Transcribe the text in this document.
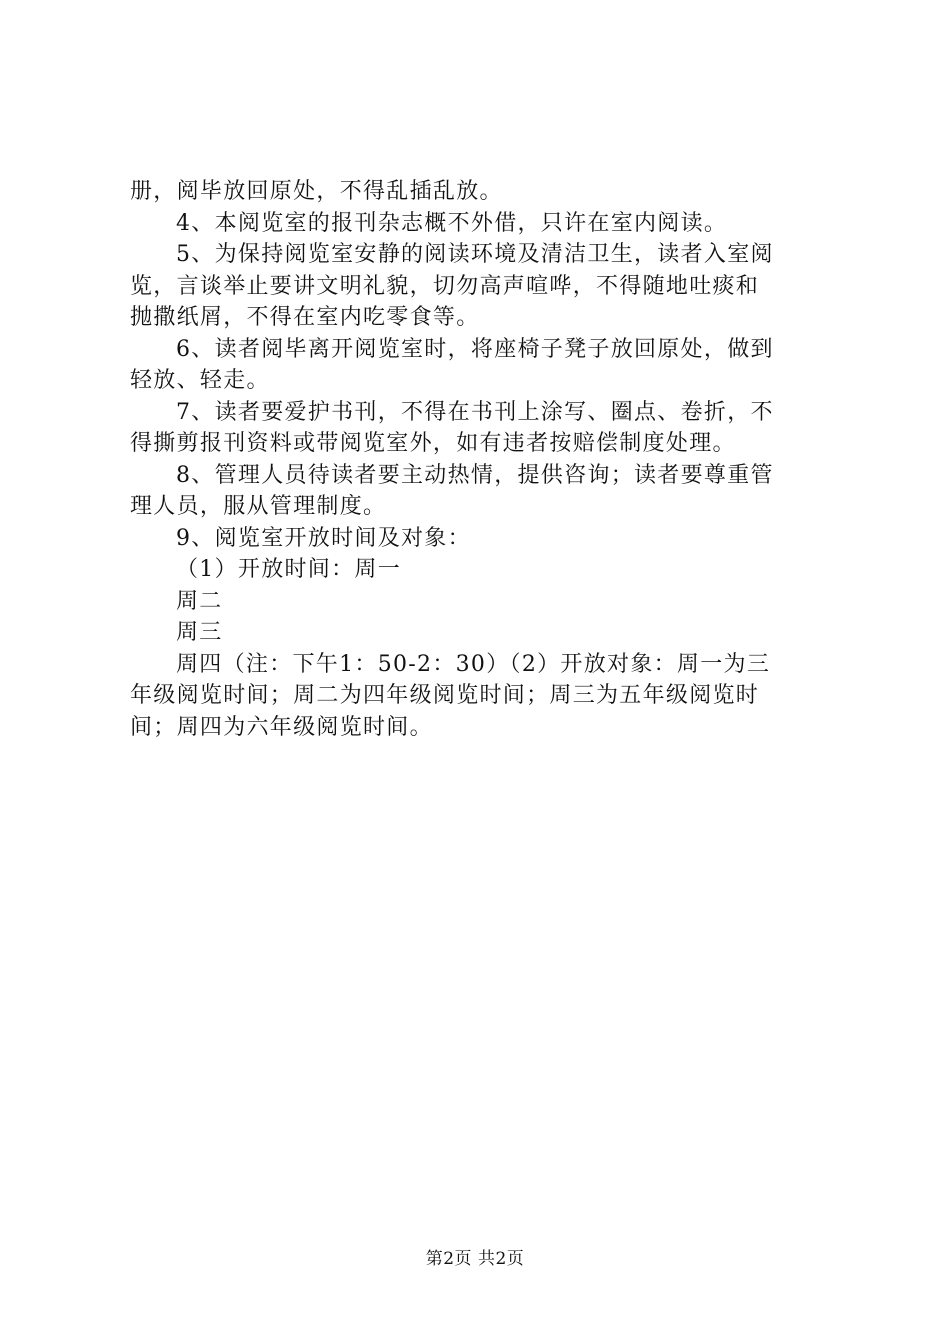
册，阅毕放回原处，不得乱插乱放。
4、本阅览室的报刊杂志概不外借，只许在室内阅读。
5、为保持阅览室安静的阅读环境及清洁卫生，读者入室阅
览，言谈举止要讲文明礼貌，切勿高声喧哗，不得随地吐痰和
抛撒纸屑，不得在室内吃零食等。
6、读者阅毕离开阅览室时，将座椅子凳子放回原处，做到
轻放、轻走。
7、读者要爱护书刊，不得在书刊上涂写、圈点、卷折，不
得撕剪报刊资料或带阅览室外，如有违者按赔偿制度处理。
8、管理人员待读者要主动热情，提供咨询；读者要尊重管
理人员，服从管理制度。
9、阅览室开放时间及对象：
（1）开放时间：周一
周二
周三
周四（注：下午1：50-2：30）（2）开放对象：周一为三
年级阅览时间；周二为四年级阅览时间；周三为五年级阅览时
间；周四为六年级阅览时间。
第2页 共2页
